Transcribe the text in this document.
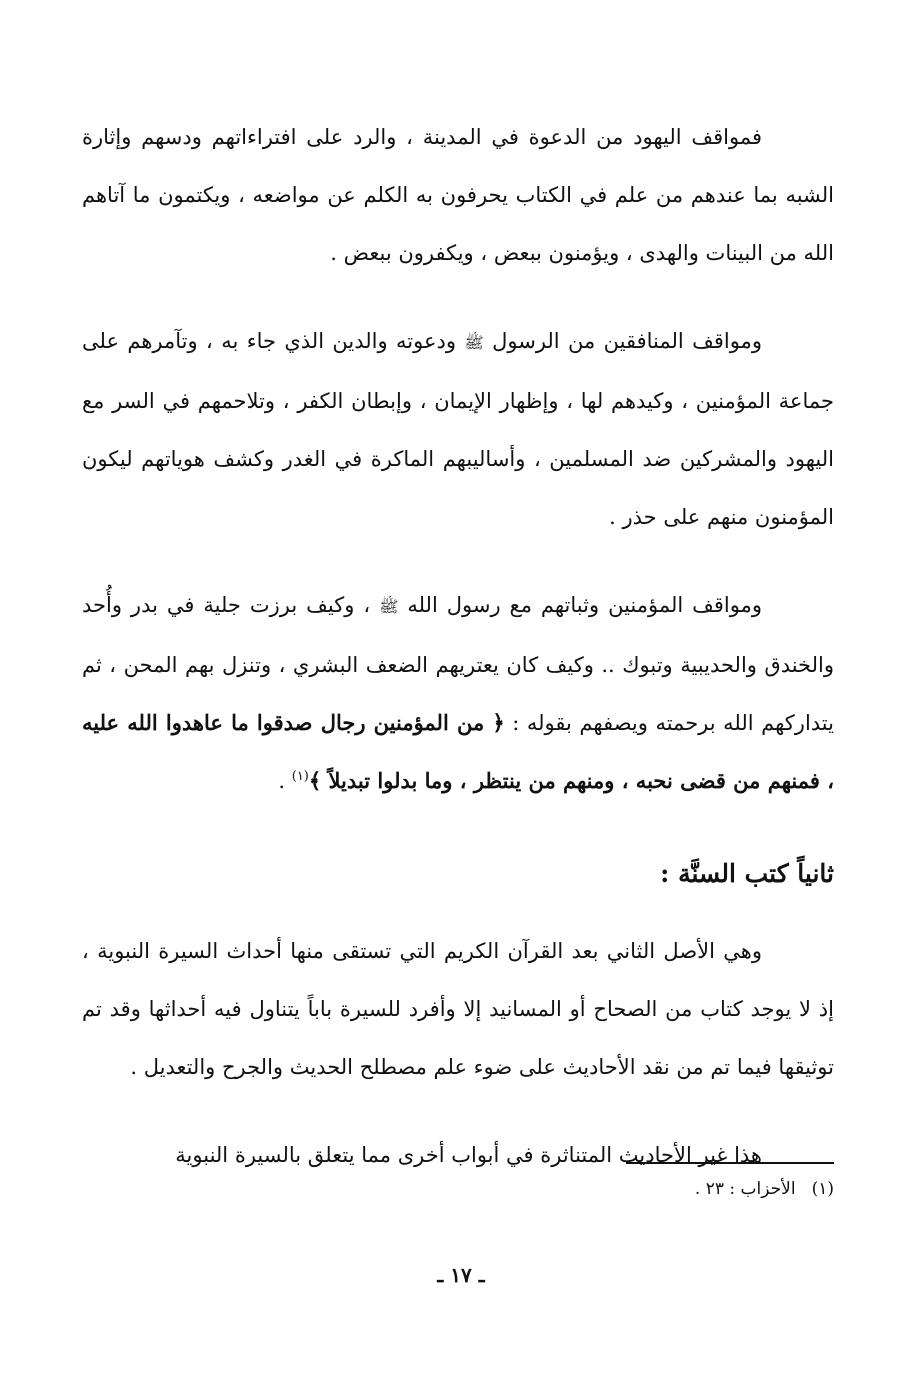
فمواقف اليهود من الدعوة في المدينة ، والرد على افتراءاتهم ودسهم وإثارة الشبه بما عندهم من علم في الكتاب يحرفون به الكلم عن مواضعه ، ويكتمون ما آتاهم الله من البينات والهدى ، ويؤمنون ببعض ، ويكفرون ببعض .

ومواقف المنافقين من الرسول ﷺ ودعوته والدين الذي جاء به ، وتآمرهم على جماعة المؤمنين ، وكيدهم لها ، وإظهار الإيمان ، وإبطان الكفر ، وتلاحمهم في السر مع اليهود والمشركين ضد المسلمين ، وأساليبهم الماكرة في الغدر وكشف هوياتهم ليكون المؤمنون منهم على حذر .

ومواقف المؤمنين وثباتهم مع رسول الله ﷺ ، وكيف برزت جلية في بدر وأُحد والخندق والحديبية وتبوك .. وكيف كان يعتريهم الضعف البشري ، وتنزل بهم المحن ، ثم يتداركهم الله برحمته ويصفهم بقوله : ﴿ من المؤمنين رجال صدقوا ما عاهدوا الله عليه ، فمنهم من قضى نحبه ، ومنهم من ينتظر ، وما بدلوا تبديلاً ﴾$^{(١)}$ .

ثانياً كتب السنَّة :

وهي الأصل الثاني بعد القرآن الكريم التي تستقى منها أحداث السيرة النبوية ، إذ لا يوجد كتاب من الصحاح أو المسانيد إلا وأفرد للسيرة باباً يتناول فيه أحداثها وقد تم توثيقها فيما تم من نقد الأحاديث على ضوء علم مصطلح الحديث والجرح والتعديل .

هذا غير الأحاديث المتناثرة في أبواب أخرى مما يتعلق بالسيرة النبوية

(١)الأحزاب : ٢٣ .
ـ ١٧ ـ
